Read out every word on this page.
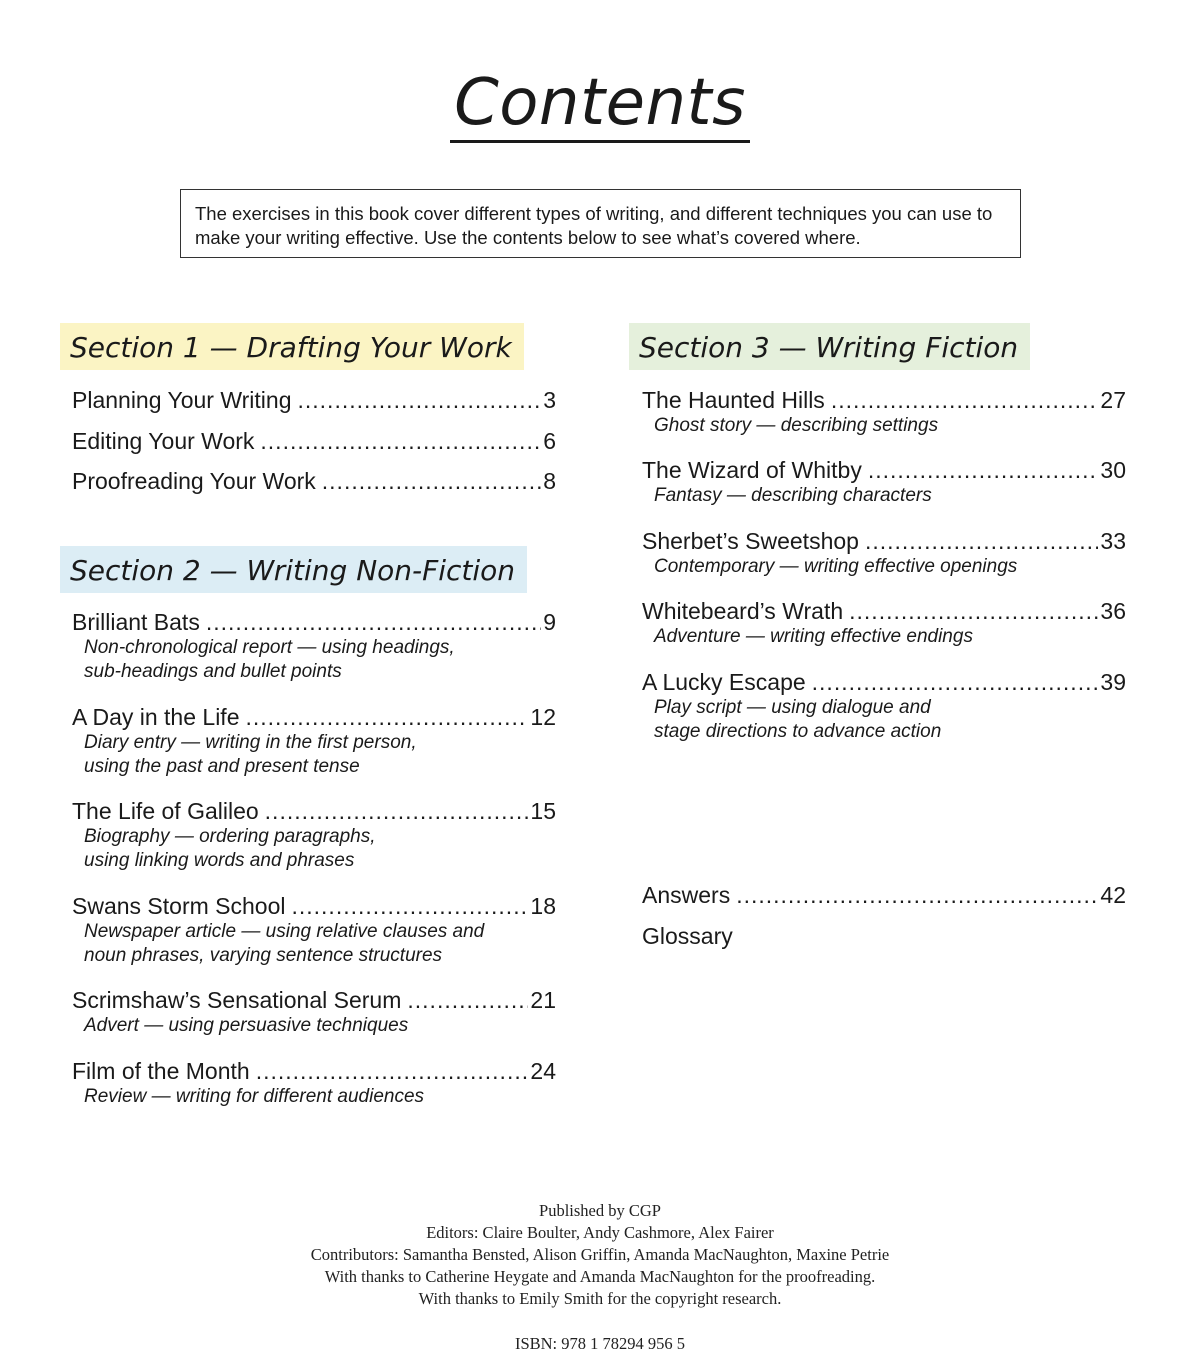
Contents
The exercises in this book cover different types of writing, and different techniques you can use to make your writing effective. Use the contents below to see what’s covered where.
Section 1 — Drafting Your Work
Planning Your Writing .....	3
Editing Your Work .....	6
Proofreading Your Work .....	8
Section 2 — Writing Non-Fiction
Brilliant Bats .....	9
Non-chronological report — using headings,
sub-headings and bullet points
A Day in the Life .....	12
Diary entry — writing in the first person,
using the past and present tense
The Life of Galileo .....	15
Biography — ordering paragraphs,
using linking words and phrases
Swans Storm School .....	18
Newspaper article — using relative clauses and
noun phrases, varying sentence structures
Scrimshaw’s Sensational Serum .....	21
Advert — using persuasive techniques
Film of the Month .....	24
Review — writing for different audiences
Section 3 — Writing Fiction
The Haunted Hills .....	27
Ghost story — describing settings
The Wizard of Whitby .....	30
Fantasy — describing characters
Sherbet’s Sweetshop .....	33
Contemporary — writing effective openings
Whitebeard’s Wrath .....	36
Adventure — writing effective endings
A Lucky Escape .....	39
Play script — using dialogue and
stage directions to advance action
Answers .....	42
Glossary
Published by CGP
Editors: Claire Boulter, Andy Cashmore, Alex Fairer
Contributors: Samantha Bensted, Alison Griffin, Amanda MacNaughton, Maxine Petrie
With thanks to Catherine Heygate and Amanda MacNaughton for the proofreading.
With thanks to Emily Smith for the copyright research.
ISBN: 978 1 78294 956 5
